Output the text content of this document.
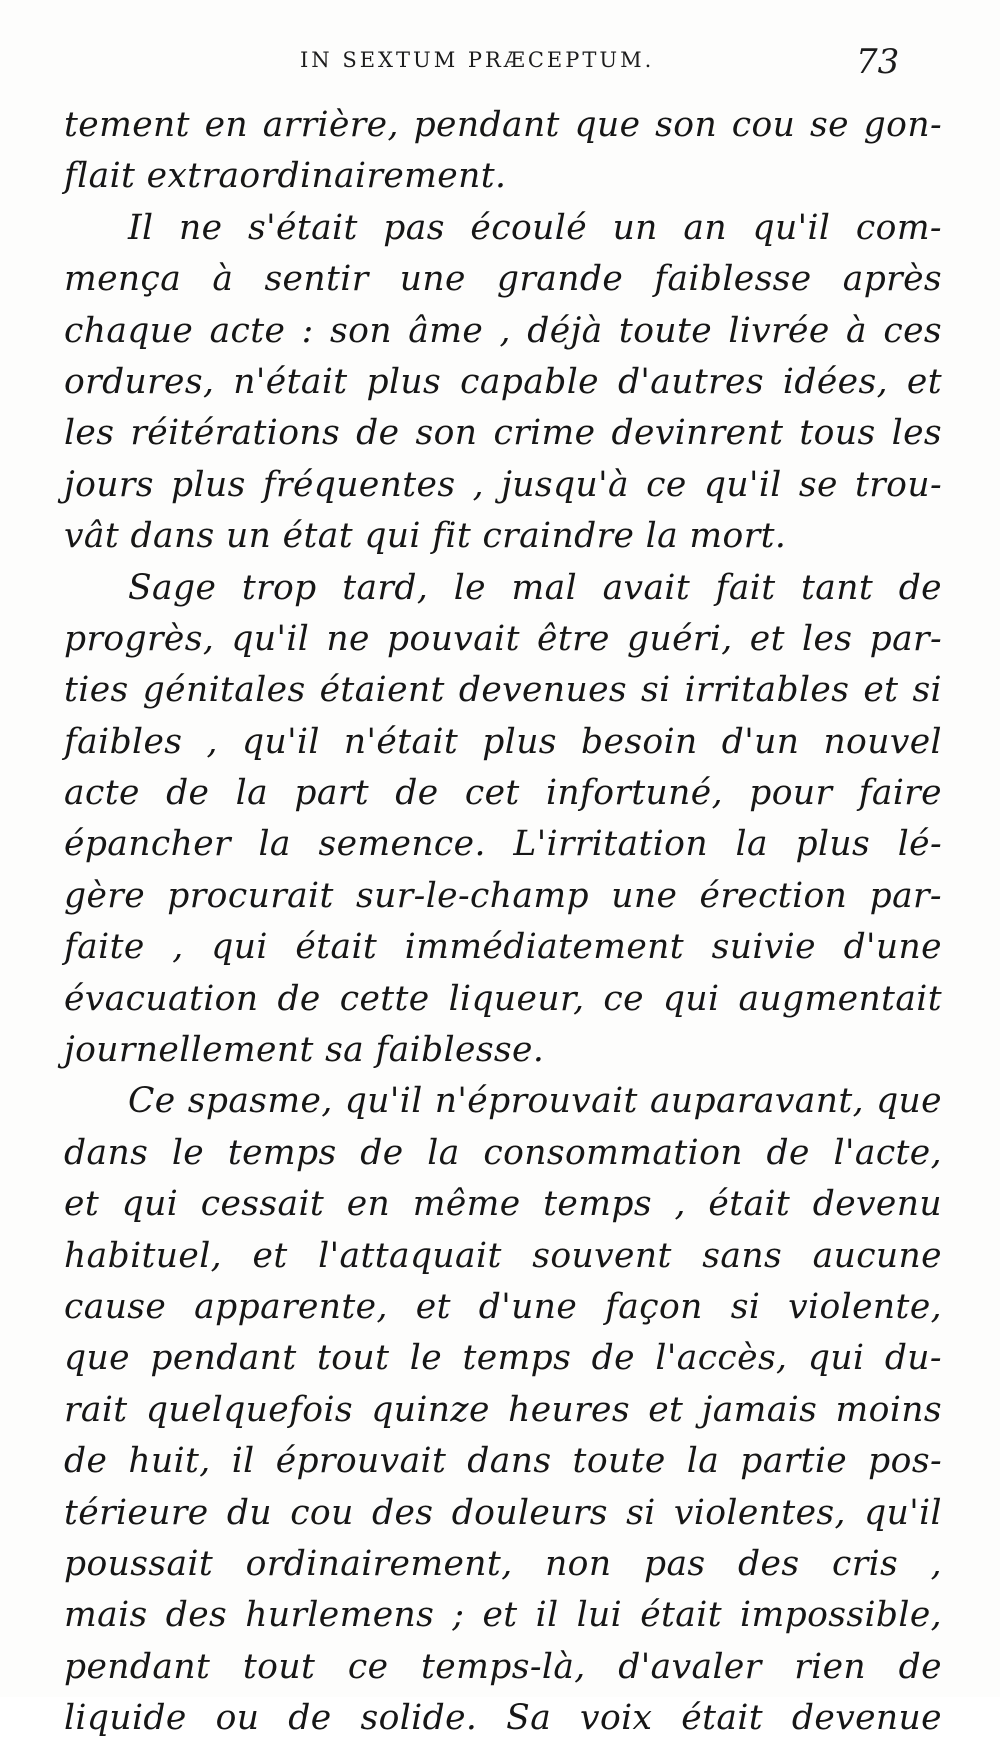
IN SEXTUM PRÆCEPTUM.	73
tement en arrière, pendant que son cou se gon-
flait extraordinairement.
Il ne s'était pas écoulé un an qu'il com-
mença à sentir une grande faiblesse après
chaque acte : son âme , déjà toute livrée à ces
ordures, n'était plus capable d'autres idées, et
les réitérations de son crime devinrent tous les
jours plus fréquentes , jusqu'à ce qu'il se trou-
vât dans un état qui fit craindre la mort.
Sage trop tard, le mal avait fait tant de
progrès, qu'il ne pouvait être guéri, et les par-
ties génitales étaient devenues si irritables et si
faibles , qu'il n'était plus besoin d'un nouvel
acte de la part de cet infortuné, pour faire
épancher la semence. L'irritation la plus lé-
gère procurait sur-le-champ une érection par-
faite , qui était immédiatement suivie d'une
évacuation de cette liqueur, ce qui augmentait
journellement sa faiblesse.
Ce spasme, qu'il n'éprouvait auparavant, que
dans le temps de la consommation de l'acte,
et qui cessait en même temps , était devenu
habituel, et l'attaquait souvent sans aucune
cause apparente, et d'une façon si violente,
que pendant tout le temps de l'accès, qui du-
rait quelquefois quinze heures et jamais moins
de huit, il éprouvait dans toute la partie pos-
térieure du cou des douleurs si violentes, qu'il
poussait ordinairement, non pas des cris ,
mais des hurlemens ; et il lui était impossible,
pendant tout ce temps-là, d'avaler rien de
liquide ou de solide. Sa voix était devenue
